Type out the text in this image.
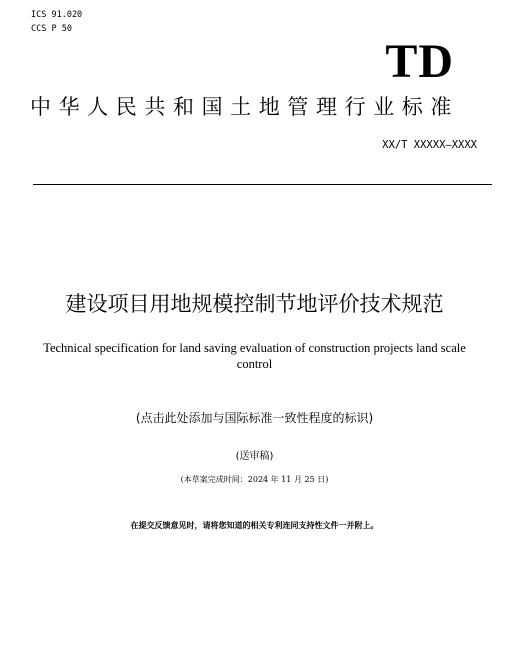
ICS 91.020
CCS P 50
TD
中华人民共和国土地管理行业标准
XX/T XXXXX—XXXX
建设项目用地规模控制节地评价技术规范
Technical specification for land saving evaluation of construction projects land scale control
(点击此处添加与国际标准一致性程度的标识)
(送审稿)
(本草案完成时间：2024 年 11 月 25 日)
在提交反馈意见时，请将您知道的相关专利连同支持性文件一并附上。
